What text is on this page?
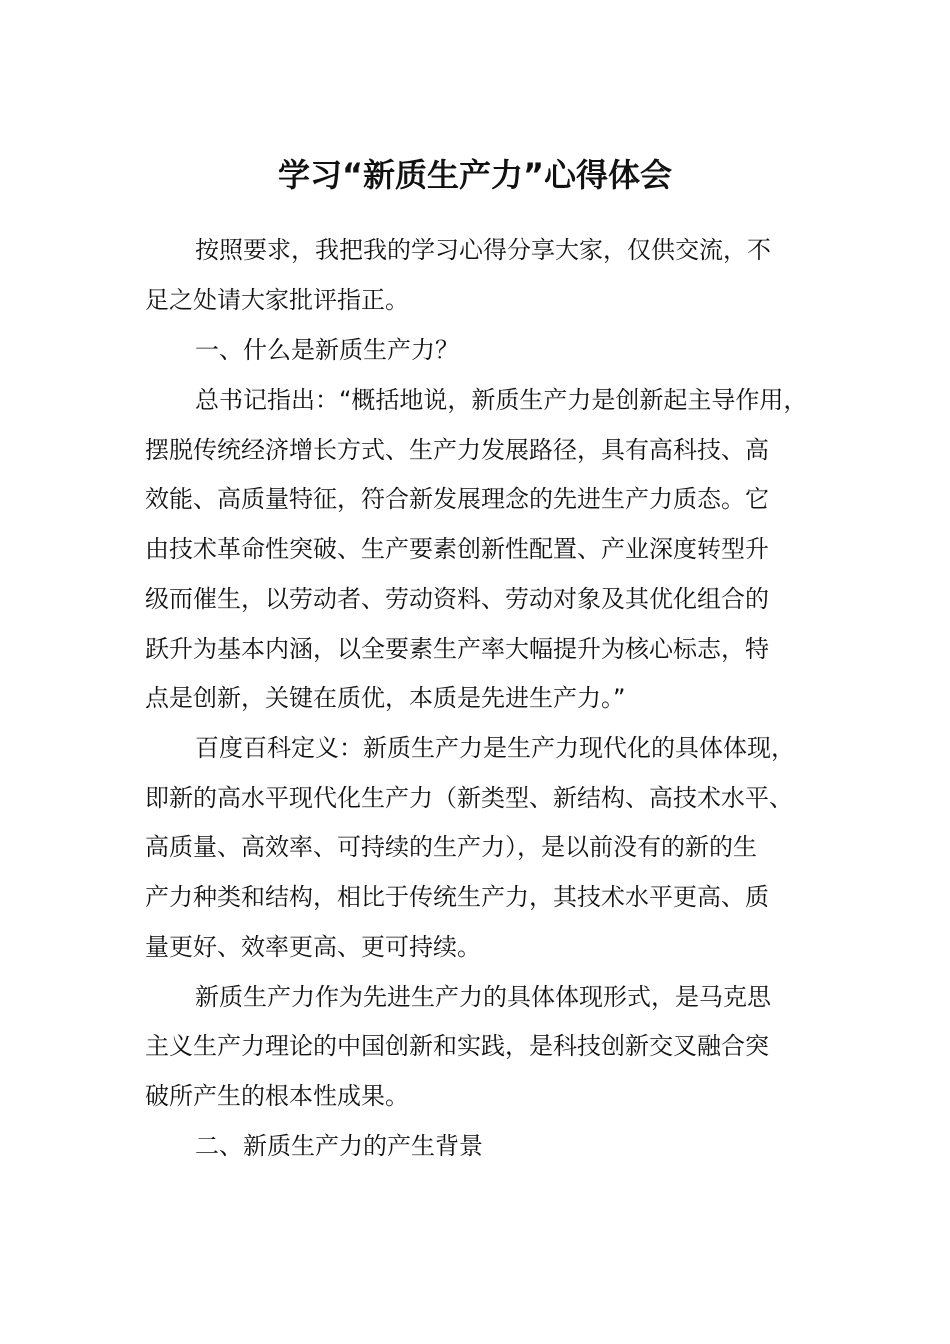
学习“新质生产力”心得体会
按照要求，我把我的学习心得分享大家，仅供交流，不
足之处请大家批评指正。
一、什么是新质生产力？
总书记指出：“概括地说，新质生产力是创新起主导作用，
摆脱传统经济增长方式、生产力发展路径，具有高科技、高
效能、高质量特征，符合新发展理念的先进生产力质态。它
由技术革命性突破、生产要素创新性配置、产业深度转型升
级而催生，以劳动者、劳动资料、劳动对象及其优化组合的
跃升为基本内涵，以全要素生产率大幅提升为核心标志，特
点是创新，关键在质优，本质是先进生产力。”
百度百科定义：新质生产力是生产力现代化的具体体现，
即新的高水平现代化生产力（新类型、新结构、高技术水平、
高质量、高效率、可持续的生产力），是以前没有的新的生
产力种类和结构，相比于传统生产力，其技术水平更高、质
量更好、效率更高、更可持续。
新质生产力作为先进生产力的具体体现形式，是马克思
主义生产力理论的中国创新和实践，是科技创新交叉融合突
破所产生的根本性成果。
二、新质生产力的产生背景
